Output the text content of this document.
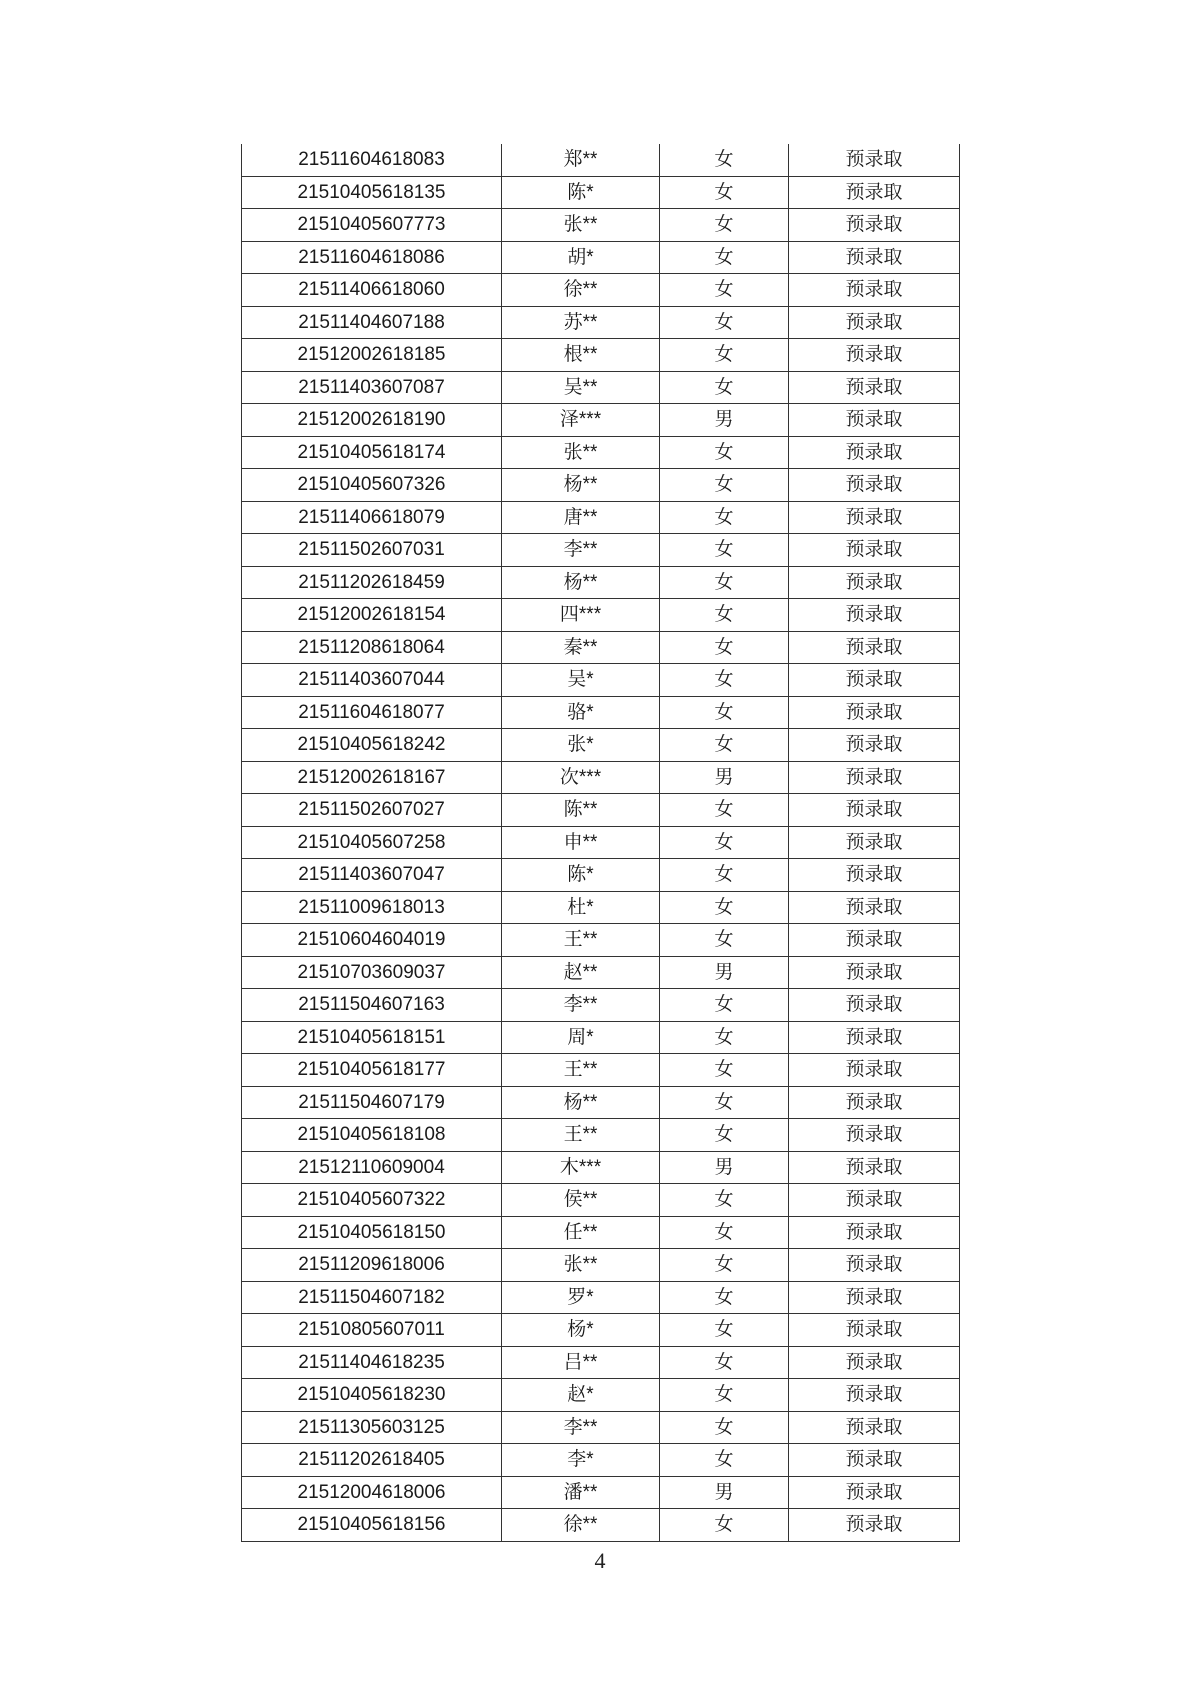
21511604618083	郑**	女	预录取
21510405618135	陈*	女	预录取
21510405607773	张**	女	预录取
21511604618086	胡*	女	预录取
21511406618060	徐**	女	预录取
21511404607188	苏**	女	预录取
21512002618185	根**	女	预录取
21511403607087	吴**	女	预录取
21512002618190	泽***	男	预录取
21510405618174	张**	女	预录取
21510405607326	杨**	女	预录取
21511406618079	唐**	女	预录取
21511502607031	李**	女	预录取
21511202618459	杨**	女	预录取
21512002618154	四***	女	预录取
21511208618064	秦**	女	预录取
21511403607044	吴*	女	预录取
21511604618077	骆*	女	预录取
21510405618242	张*	女	预录取
21512002618167	次***	男	预录取
21511502607027	陈**	女	预录取
21510405607258	申**	女	预录取
21511403607047	陈*	女	预录取
21511009618013	杜*	女	预录取
21510604604019	王**	女	预录取
21510703609037	赵**	男	预录取
21511504607163	李**	女	预录取
21510405618151	周*	女	预录取
21510405618177	王**	女	预录取
21511504607179	杨**	女	预录取
21510405618108	王**	女	预录取
21512110609004	木***	男	预录取
21510405607322	侯**	女	预录取
21510405618150	任**	女	预录取
21511209618006	张**	女	预录取
21511504607182	罗*	女	预录取
21510805607011	杨*	女	预录取
21511404618235	吕**	女	预录取
21510405618230	赵*	女	预录取
21511305603125	李**	女	预录取
21511202618405	李*	女	预录取
21512004618006	潘**	男	预录取
21510405618156	徐**	女	预录取
4
